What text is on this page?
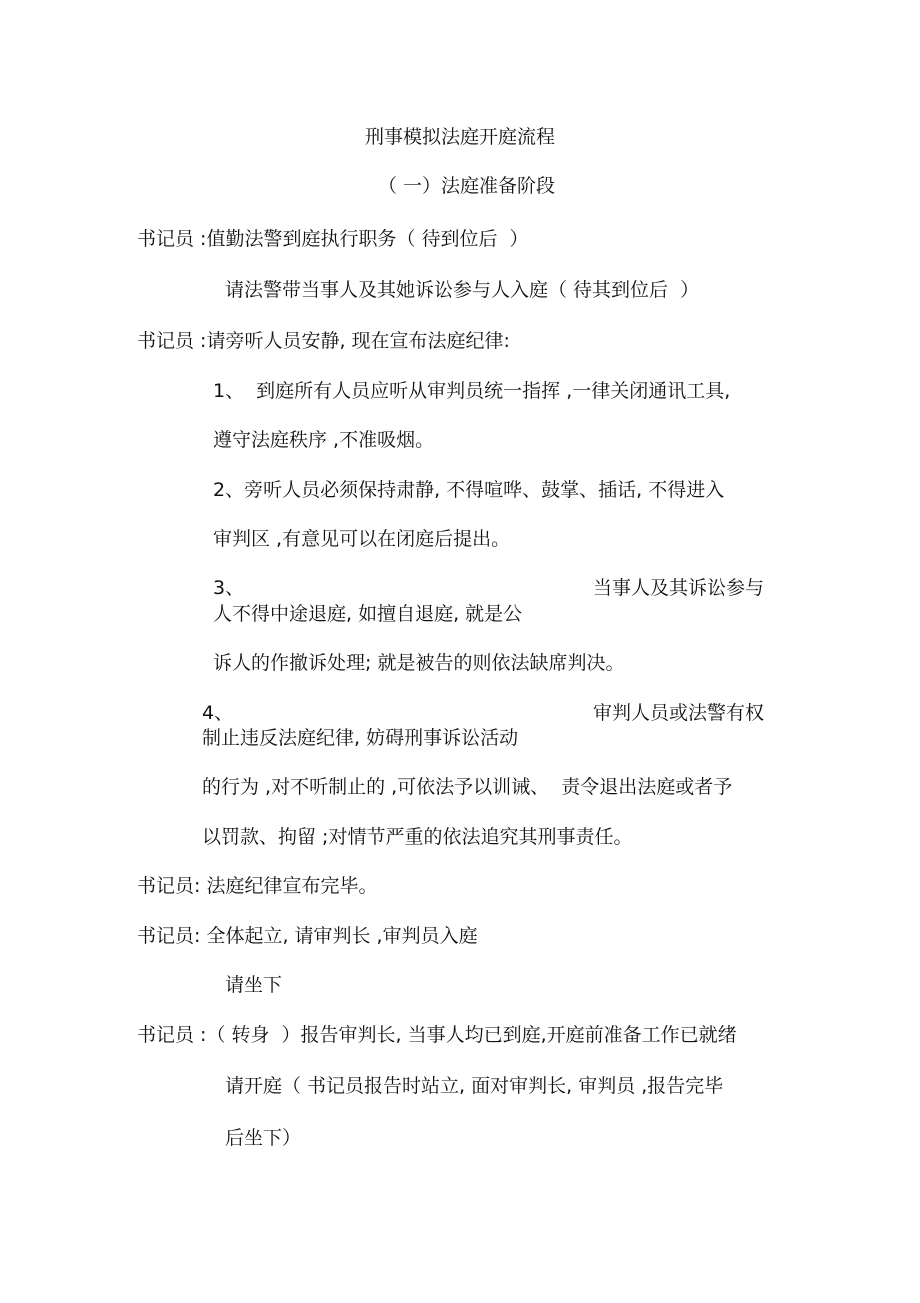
刑事模拟法庭开庭流程
（ 一）法庭准备阶段
书记员 :值勤法警到庭执行职务（ 待到位后  ）
请法警带当事人及其她诉讼参与人入庭（ 待其到位后  ）
书记员 :请旁听人员安静, 现在宣布法庭纪律:
1、  到庭所有人员应听从审判员统一指挥 ,一律关闭通讯工具,
遵守法庭秩序 ,不准吸烟。
2、旁听人员必须保持肃静, 不得喧哗、鼓掌、插话, 不得进入
审判区 ,有意见可以在闭庭后提出。
3、	当事人及其诉讼参与
人不得中途退庭, 如擅自退庭, 就是公
诉人的作撤诉处理; 就是被告的则依法缺席判决。
4、	审判人员或法警有权
制止违反法庭纪律, 妨碍刑事诉讼活动
的行为 ,对不听制止的 ,可依法予以训诫、  责令退出法庭或者予
以罚款、拘留 ;对情节严重的依法追究其刑事责任。
书记员: 法庭纪律宣布完毕。
书记员: 全体起立, 请审判长 ,审判员入庭
请坐下
书记员 :（ 转身  ）报告审判长, 当事人均已到庭,开庭前准备工作已就绪
请开庭（ 书记员报告时站立, 面对审判长, 审判员 ,报告完毕
后坐下）
